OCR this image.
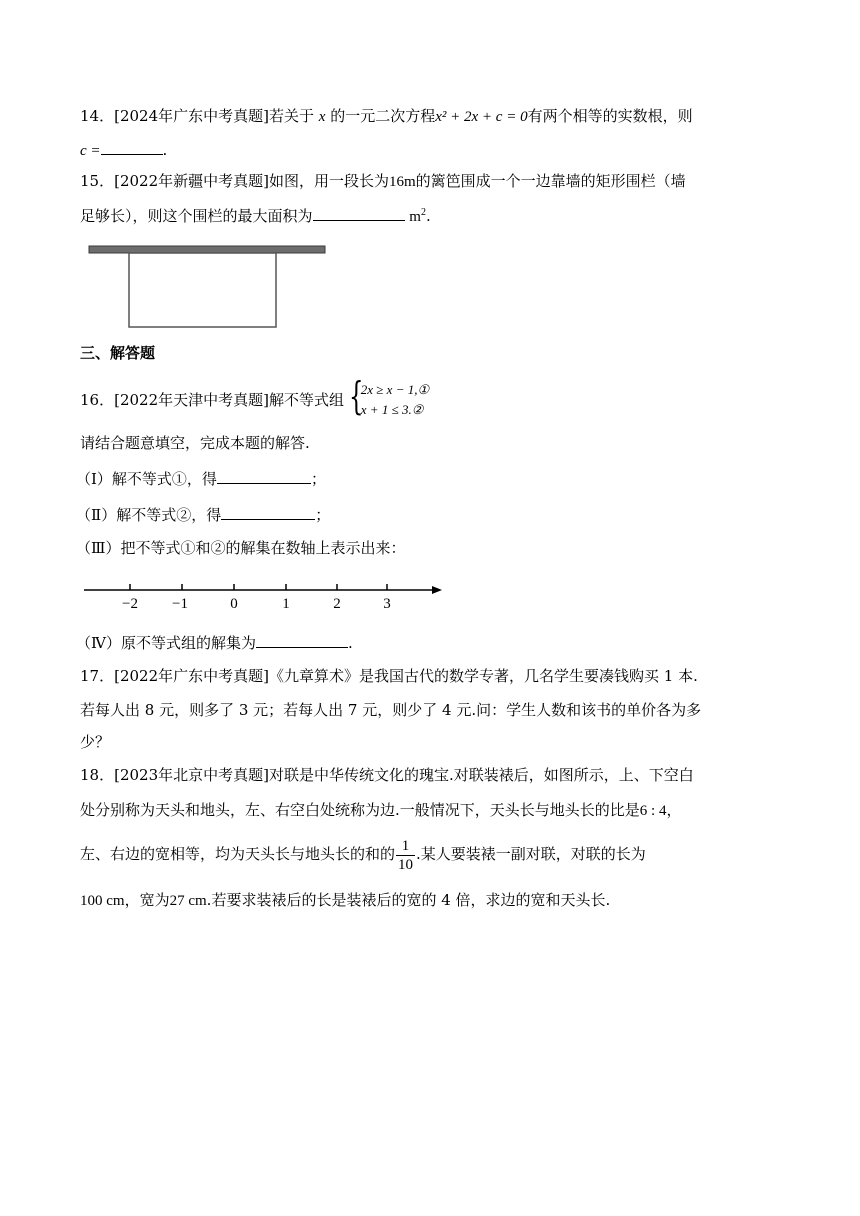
14．[2024年广东中考真题]若关于 x 的一元二次方程x² + 2x + c = 0有两个相等的实数根，则
c =	.
15．[2022年新疆中考真题]如图，用一段长为16m的篱笆围成一个一边靠墙的矩形围栏（墙
足够长），则这个围栏的最大面积为	$m^2$.
三、解答题
16．[2022年天津中考真题]解不等式组 {
2x ≥ x − 1,①
x + 1 ≤ 3.②
请结合题意填空，完成本题的解答.
（Ⅰ）解不等式①，得	；
（Ⅱ）解不等式②，得	；
（Ⅲ）把不等式①和②的解集在数轴上表示出来：
−2 −1	0	1	2	3
（Ⅳ）原不等式组的解集为	.
17．[2022年广东中考真题]《九章算术》是我国古代的数学专著，几名学生要凑钱购买 1 本.
若每人出 8 元，则多了 3 元；若每人出 7 元，则少了 4 元.问：学生人数和该书的单价各为多
少？
18．[2023年北京中考真题]对联是中华传统文化的瑰宝.对联装裱后，如图所示，上、下空白
处分别称为天头和地头，左、右空白处统称为边.一般情况下，天头长与地头长的比是6 : 4，
左、右边的宽相等，均为天头长与地头长的和的 $\frac{1}{10}$ .某人要装裱一副对联，对联的长为
100 cm，宽为27 cm.若要求装裱后的长是装裱后的宽的 4 倍，求边的宽和天头长.
